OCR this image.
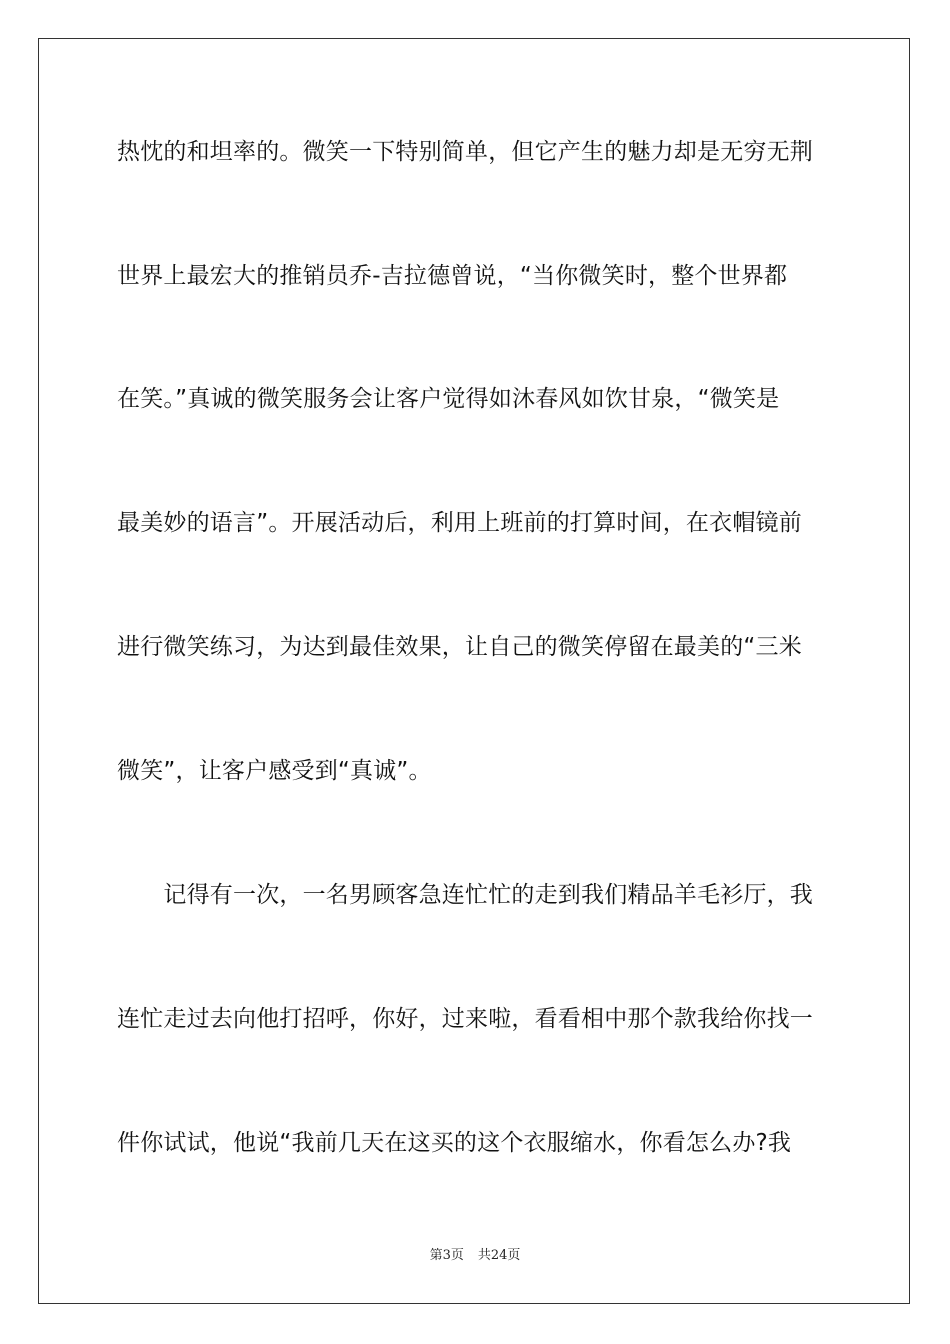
热忱的和坦率的。微笑一下特别简单，但它产生的魅力却是无穷无荆
世界上最宏大的推销员乔-吉拉德曾说，“当你微笑时，整个世界都
在笑。”真诚的微笑服务会让客户觉得如沐春风如饮甘泉，“微笑是
最美妙的语言”。开展活动后，利用上班前的打算时间，在衣帽镜前
进行微笑练习，为达到最佳效果，让自己的微笑停留在最美的“三米
微笑”，让客户感受到“真诚”。
　　记得有一次，一名男顾客急连忙忙的走到我们精品羊毛衫厅，我
连忙走过去向他打招呼，你好，过来啦，看看相中那个款我给你找一
件你试试，他说“我前几天在这买的这个衣服缩水，你看怎么办?我
第3页 共24页
